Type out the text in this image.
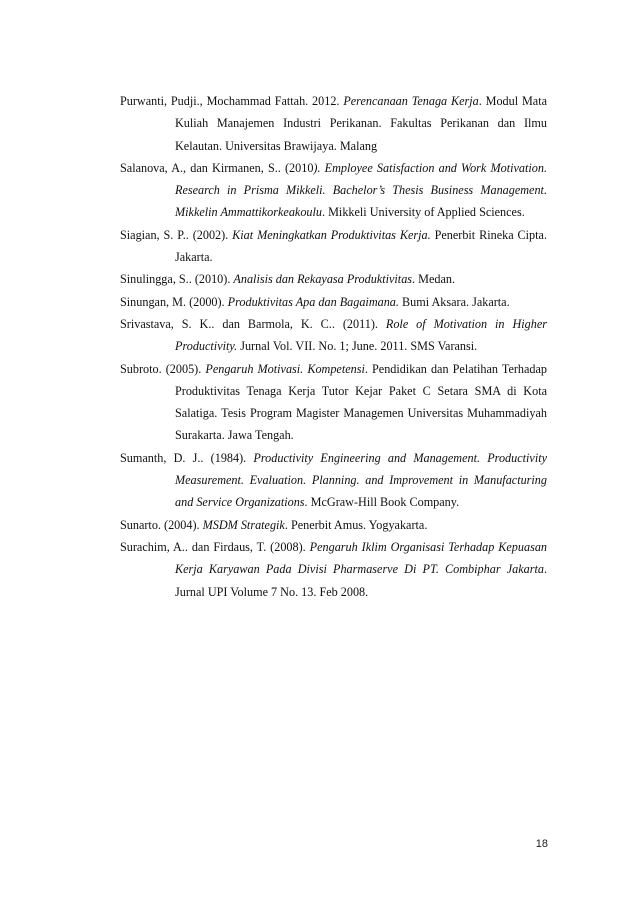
Purwanti, Pudji., Mochammad Fattah. 2012. Perencanaan Tenaga Kerja. Modul Mata Kuliah Manajemen Industri Perikanan. Fakultas Perikanan dan Ilmu Kelautan. Universitas Brawijaya. Malang

Salanova, A., dan Kirmanen, S.. (2010). Employee Satisfaction and Work Motivation. Research in Prisma Mikkeli. Bachelor’s Thesis Business Management. Mikkelin Ammattikorkeakoulu. Mikkeli University of Applied Sciences.

Siagian, S. P.. (2002). Kiat Meningkatkan Produktivitas Kerja. Penerbit Rineka Cipta. Jakarta.

Sinulingga, S.. (2010). Analisis dan Rekayasa Produktivitas. Medan.

Sinungan, M. (2000). Produktivitas Apa dan Bagaimana. Bumi Aksara. Jakarta.

Srivastava, S. K.. dan Barmola, K. C.. (2011). Role of Motivation in Higher Productivity. Jurnal Vol. VII. No. 1; June. 2011. SMS Varansi.

Subroto. (2005). Pengaruh Motivasi. Kompetensi. Pendidikan dan Pelatihan Terhadap Produktivitas Tenaga Kerja Tutor Kejar Paket C Setara SMA di Kota Salatiga. Tesis Program Magister Managemen Universitas Muhammadiyah Surakarta. Jawa Tengah.

Sumanth, D. J.. (1984). Productivity Engineering and Management. Productivity Measurement. Evaluation. Planning. and Improvement in Manufacturing and Service Organizations. McGraw-Hill Book Company.

Sunarto. (2004). MSDM Strategik. Penerbit Amus. Yogyakarta.

Surachim, A.. dan Firdaus, T. (2008). Pengaruh Iklim Organisasi Terhadap Kepuasan Kerja Karyawan Pada Divisi Pharmaserve Di PT. Combiphar Jakarta. Jurnal UPI Volume 7 No. 13. Feb 2008.

18
